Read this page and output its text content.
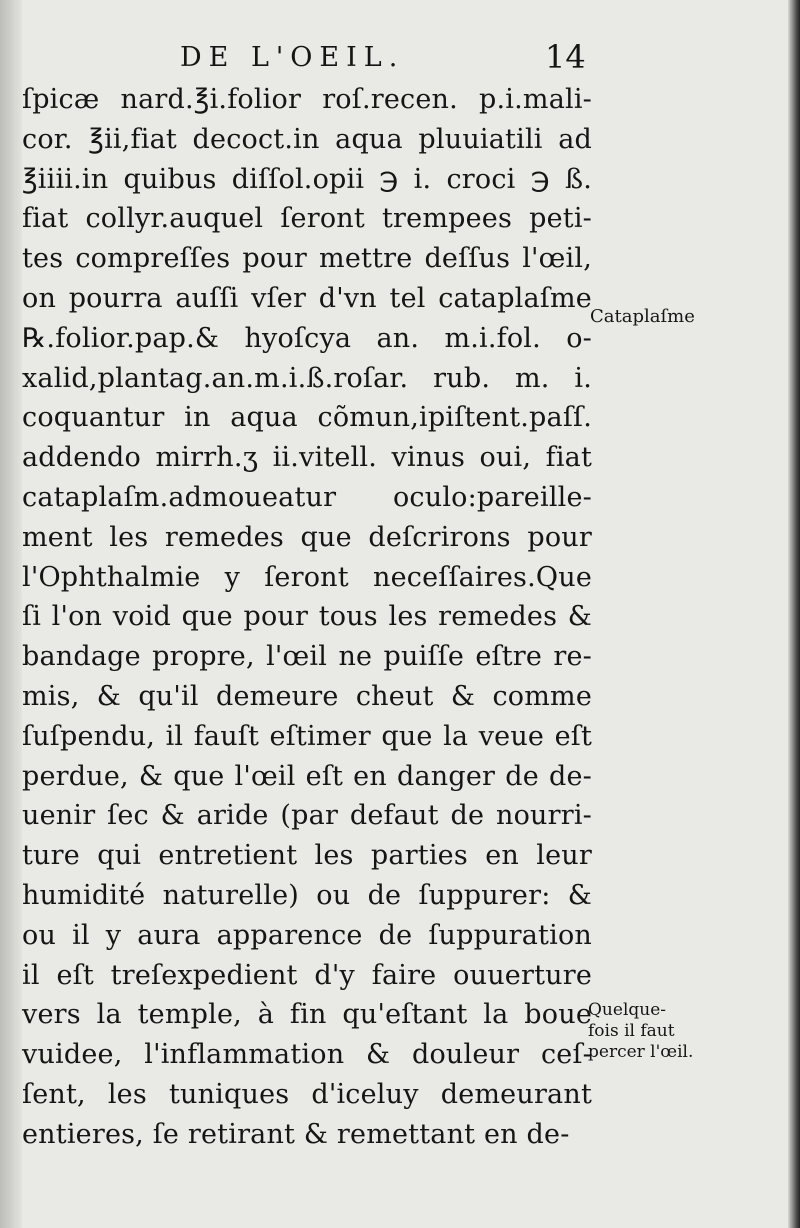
DE L'OEIL.	14
ſpicæ nard.℥i.folior roſ.recen. p.i.mali-
cor. ℥ii,fiat decoct.in aqua pluuiatili ad
℥iiii.in quibus diſſol.opii ℈ i. croci ℈ ß.
fiat collyr.auquel ſeront trempees peti-
tes compreſſes pour mettre deſſus l'œil,
on pourra auſſi vſer d'vn tel cataplaſme
℞.folior.pap.& hyoſcya an. m.i.fol. o-
xalid,plantag.an.m.i.ß.roſar. rub. m. i.
coquantur in aqua cõmun,ipiſtent.paſſ.
addendo mirrh.ʒ ii.vitell. vinus oui, fiat
cataplaſm.admoueatur oculo:pareille-
ment les remedes que deſcrirons pour
l'Ophthalmie y ſeront neceſſaires.Que
ſi l'on void que pour tous les remedes &
bandage propre, l'œil ne puiſſe eſtre re-
mis, & qu'il demeure cheut & comme
ſuſpendu, il fauſt eſtimer que la veue eſt
perdue, & que l'œil eſt en danger de de-
uenir ſec & aride (par defaut de nourri-
ture qui entretient les parties en leur
humidité naturelle) ou de ſuppurer: &
ou il y aura apparence de ſuppuration
il eſt treſexpedient d'y faire ouuerture
vers la temple, à fin qu'eſtant la boue
vuidee, l'inflammation & douleur ceſ-
ſent, les tuniques d'iceluy demeurant
entieres, ſe retirant & remettant en de-
Cataplaſme
Quelque-
fois il faut
percer l'œil.
